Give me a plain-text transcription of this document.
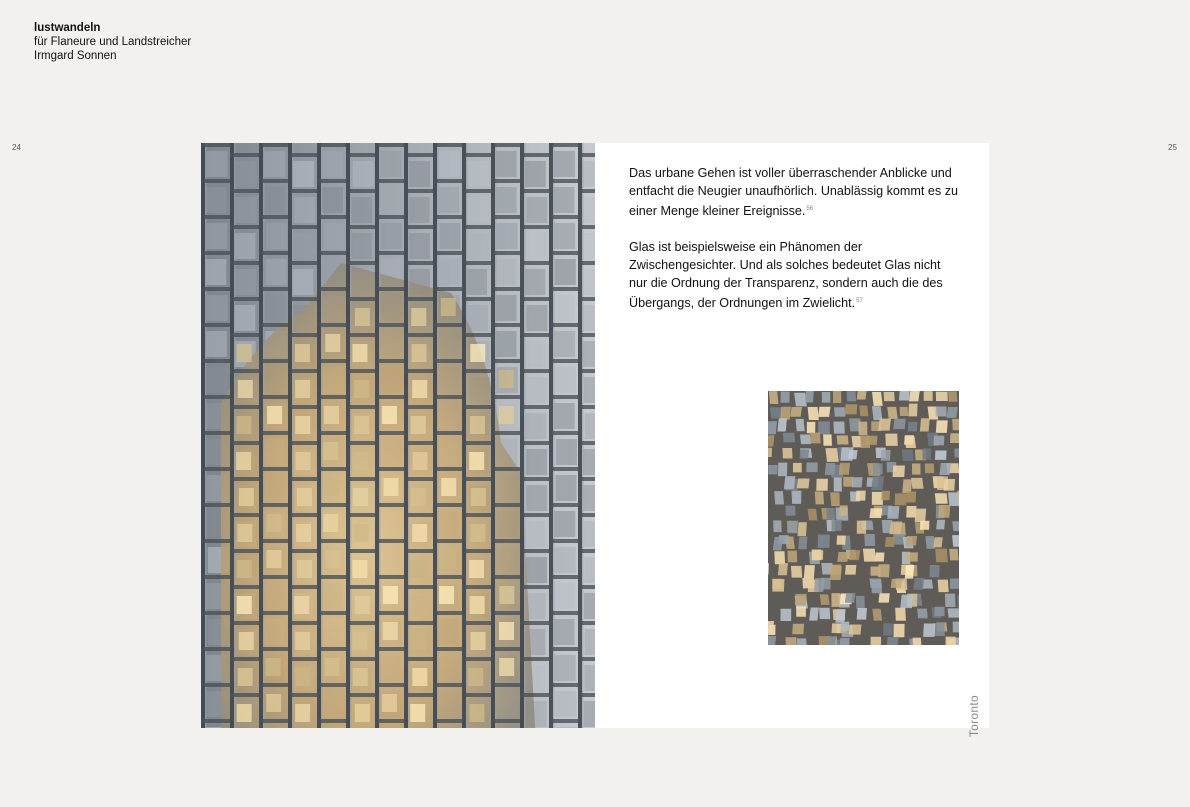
lustwandeln
für Flaneure und Landstreicher
Irmgard Sonnen
24	25

Das urbane Gehen ist voller überraschender Anblicke und entfacht die Neugier unaufhörlich. Unablässig kommt es zu einer Menge kleiner Ereignisse.$^{56}$

Glas ist beispielsweise ein Phänomen der Zwischengesichter. Und als solches bedeutet Glas nicht nur die Ordnung der Transparenz, sondern auch die des Übergangs, der Ordnungen im Zwielicht.$^{57}$

Toronto
